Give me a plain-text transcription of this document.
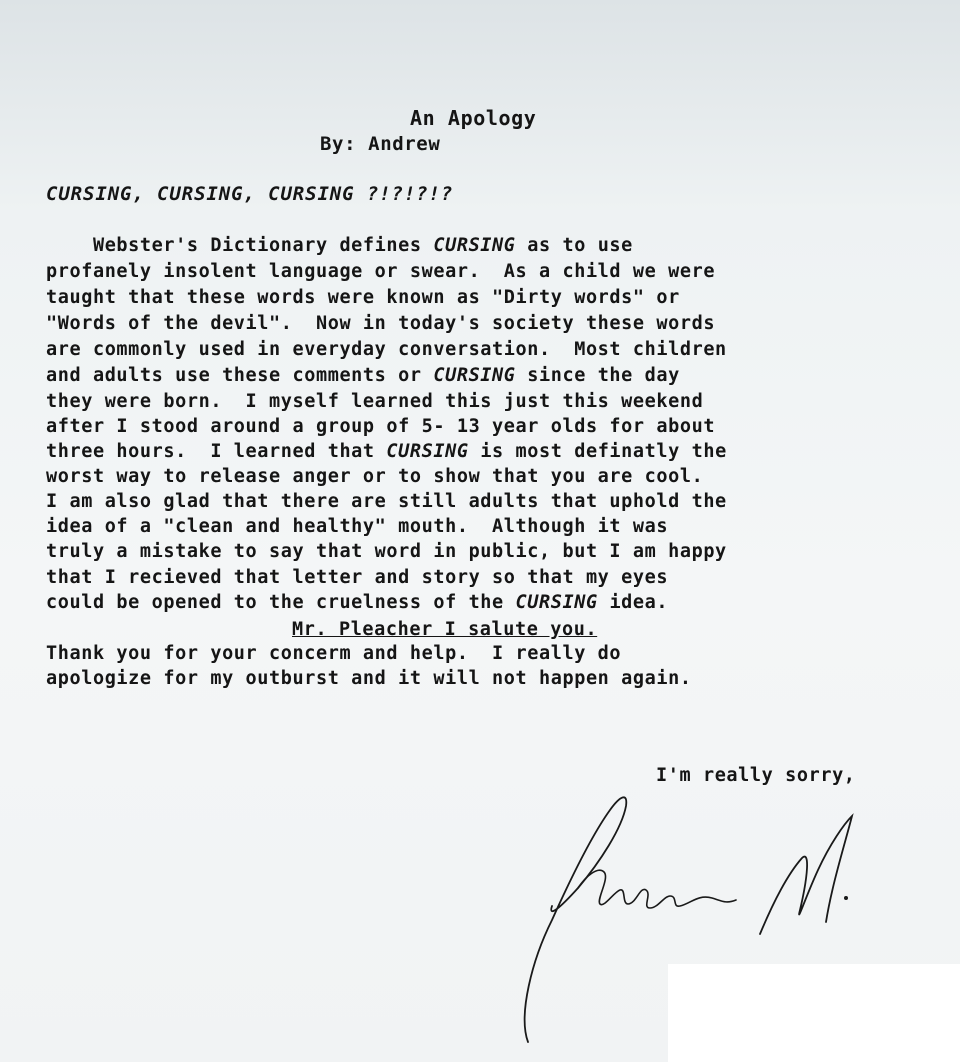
An Apology
By: Andrew
CURSING, CURSING, CURSING ?!?!?!?
Webster's Dictionary defines CURSING as to use
profanely insolent language or swear.  As a child we were
taught that these words were known as "Dirty words" or
"Words of the devil".  Now in today's society these words
are commonly used in everyday conversation.  Most children
and adults use these comments or CURSING since the day
they were born.  I myself learned this just this weekend
after I stood around a group of 5- 13 year olds for about
three hours.  I learned that CURSING is most definatly the
worst way to release anger or to show that you are cool.
I am also glad that there are still adults that uphold the
idea of a "clean and healthy" mouth.  Although it was
truly a mistake to say that word in public, but I am happy
that I recieved that letter and story so that my eyes
could be opened to the cruelness of the CURSING idea.
Mr. Pleacher I salute you.
Thank you for your concerm and help.  I really do
apologize for my outburst and it will not happen again.
I'm really sorry,
